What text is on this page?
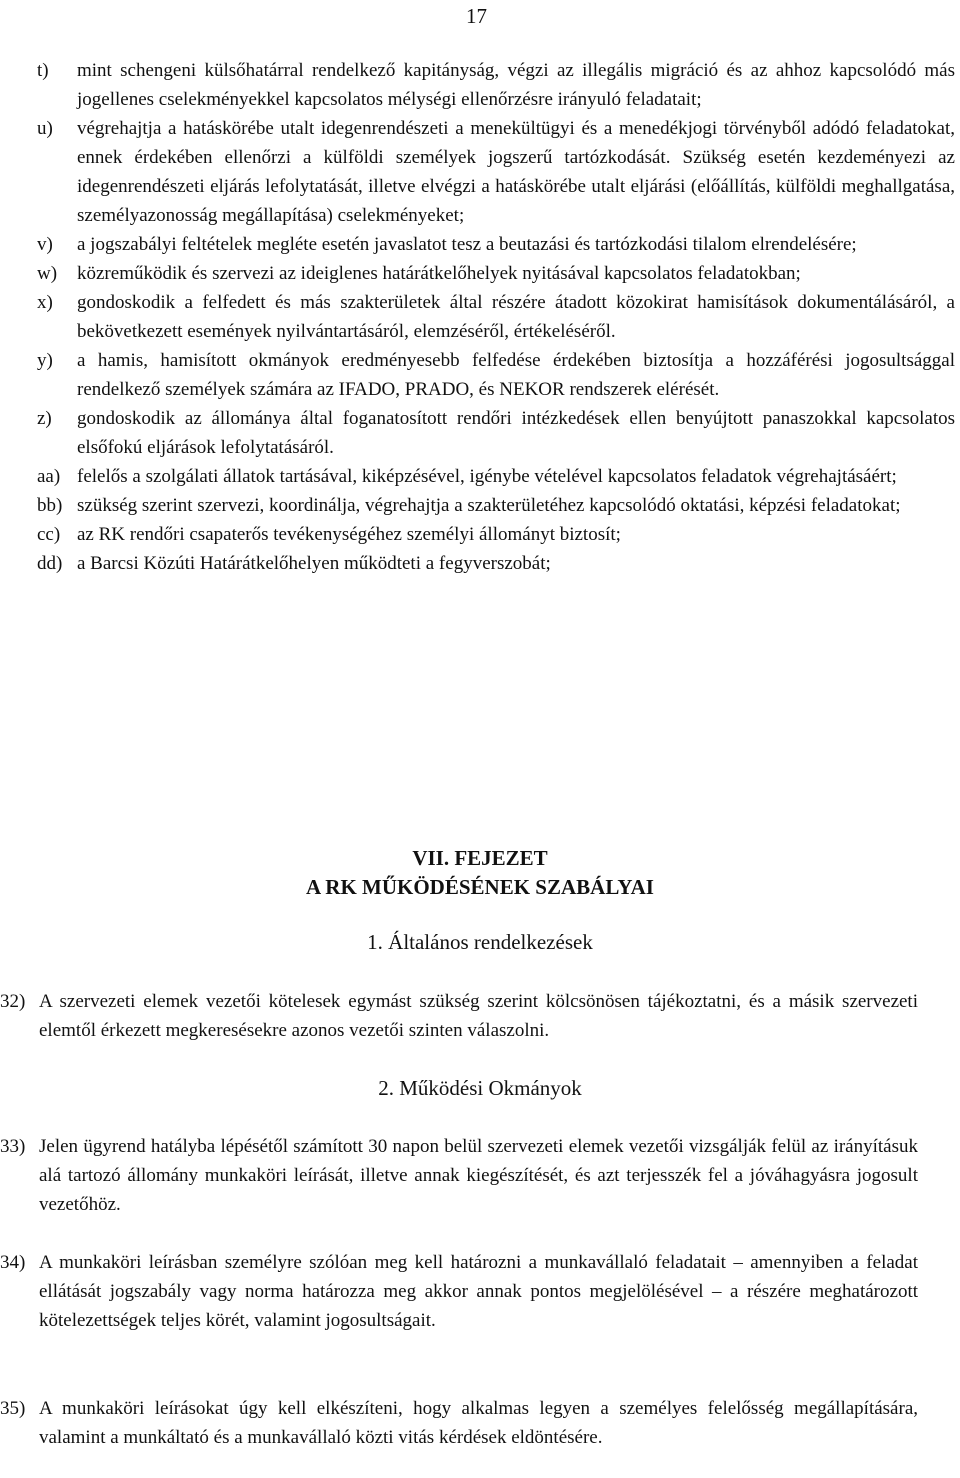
17
t)	mint schengeni külsőhatárral rendelkező kapitányság, végzi az illegális migráció és az ahhoz kapcsolódó más jogellenes cselekményekkel kapcsolatos mélységi ellenőrzésre irányuló feladatait;
u)	végrehajtja a hatáskörébe utalt idegenrendészeti a menekültügyi és a menedékjogi törvényből adódó feladatokat, ennek érdekében ellenőrzi a külföldi személyek jogszerű tartózkodását. Szükség esetén kezdeményezi az idegenrendészeti eljárás lefolytatását, illetve elvégzi a hatáskörébe utalt eljárási (előállítás, külföldi meghallgatása, személyazonosság megállapítása) cselekményeket;
v)	a jogszabályi feltételek megléte esetén javaslatot tesz a beutazási és tartózkodási tilalom elrendelésére;
w)	közreműködik és szervezi az ideiglenes határátkelőhelyek nyitásával kapcsolatos feladatokban;
x)	gondoskodik a felfedett és más szakterületek által részére átadott közokirat hamisítások dokumentálásáról, a bekövetkezett események nyilvántartásáról, elemzéséről, értékeléséről.
y)	a hamis, hamisított okmányok eredményesebb felfedése érdekében biztosítja a hozzáférési jogosultsággal rendelkező személyek számára az IFADO, PRADO, és NEKOR rendszerek elérését.
z)	gondoskodik az állománya által foganatosított rendőri intézkedések ellen benyújtott panaszokkal kapcsolatos elsőfokú eljárások lefolytatásáról.
aa) felelős a szolgálati állatok tartásával, kiképzésével, igénybe vételével kapcsolatos feladatok végrehajtásáért;
bb) szükség szerint szervezi, koordinálja, végrehajtja a szakterületéhez kapcsolódó oktatási, képzési feladatokat;
cc) az RK rendőri csapaterős tevékenységéhez személyi állományt biztosít;
dd) a Barcsi Közúti Határátkelőhelyen működteti a fegyverszobát;
VII. FEJEZET
A RK MŰKÖDÉSÉNEK SZABÁLYAI
1. Általános rendelkezések
32) A szervezeti elemek vezetői kötelesek egymást szükség szerint kölcsönösen tájékoztatni, és a másik szervezeti elemtől érkezett megkeresésekre azonos vezetői szinten válaszolni.
2. Működési Okmányok
33) Jelen ügyrend hatályba lépésétől számított 30 napon belül szervezeti elemek vezetői vizsgálják felül az irányításuk alá tartozó állomány munkaköri leírását, illetve annak kiegészítését, és azt terjesszék fel a jóváhagyásra jogosult vezetőhöz.
34) A munkaköri leírásban személyre szólóan meg kell határozni a munkavállaló feladatait – amennyiben a feladat ellátását jogszabály vagy norma határozza meg akkor annak pontos megjelölésével – a részére meghatározott kötelezettségek teljes körét, valamint jogosultságait.
35) A munkaköri leírásokat úgy kell elkészíteni, hogy alkalmas legyen a személyes felelősség megállapítására, valamint a munkáltató és a munkavállaló közti vitás kérdések eldöntésére.
